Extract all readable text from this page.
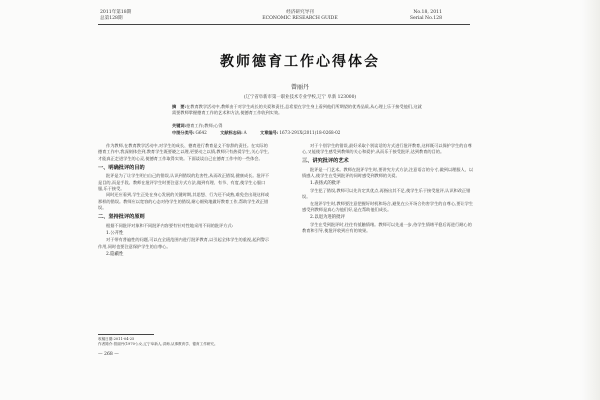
2011年第18期
总第128期
经济研究导刊
ECONOMIC RESEARCH GUIDE
No.18, 2011
Serial No.128
教师德育工作心得体会
曾丽丹
(辽宁省阜新市第一职业技术专业学校,辽宁 阜新 123000)
摘　要:在教育教学活动中,教师由于对学生成长的关爱和责任,总希望在学生身上看到他们所期望的优秀品质,从心理上乐于接受他们,这就需要教师掌握德育工作的艺术和方法,使德育工作收到实效。
关键词:德育工作;教师;心得
中图分类号:G642	文献标志码:A	文章编号:1673-291X(2011)18-0268-02

作为教师,在教育教学活动中,对学生的成长、德育进行教育是义不容辞的责任。在实际的德育工作中,我深刻体会到,教育学生既要晓之以理,更要动之以情,教师只有热爱学生,关心学生,才能真正走进学生的心灵,使德育工作取得实效。下面谈谈自己在德育工作中的一些体会。

一、明确批评的目的

批评是为了让学生明白自己的错误,认识到错误的危害性,从而改正错误,健康成长。批评不是目的,而是手段。教师在批评学生时要注意方式方法,做到有理、有节、有度,使学生心服口服,乐于接受。

同时还应看到,学生正处在身心发展的关键时期,其思想、行为还不成熟,难免会出现这样或那样的错误。教师应以宽容的心态对待学生的错误,耐心细致地做好教育工作,帮助学生改正错误。

二、坚持批评的原则

根据不同批评对象和不同批评内容要有针对性地采用不同的批评方式:

1.公开性

对于带有普遍性的问题,可以在全班范围内进行批评教育,以引起全体学生的重视,起到警示作用,同时也要注意保护学生的自尊心。

2.隐蔽性

对于个别学生的错误,最好采取个别谈话的方式进行批评教育,这样既可以保护学生的自尊心,又能使学生感受到教师的关心和爱护,从而乐于接受批评,达到教育的目的。

三、讲究批评的艺术

批评是一门艺术。教师在批评学生时,要讲究方式方法,注意语言的分寸,做到以理服人、以情感人,使学生在受到批评的同时感受到教师的关爱。

1.表扬式的批评

学生犯了错误,教师可以先肯定其优点,再指出其不足,使学生乐于接受批评,认识和改正错误。

在批评学生时,教师要注意把握好时机和场合,避免在公开场合伤害学生的自尊心,要让学生感受到教师是真心为他们好,是在帮助他们成长。

2.以退为进的批评

学生在受到批评时,往往有抵触情绪。教师可以先退一步,待学生情绪平稳后再进行耐心的教育和引导,使批评收到应有的效果。

收稿日期:2011-04-25
作者简介:曾丽丹(1970-),女,辽宁阜新人,讲师,从事教育学、德育工作研究。
— 268 —
